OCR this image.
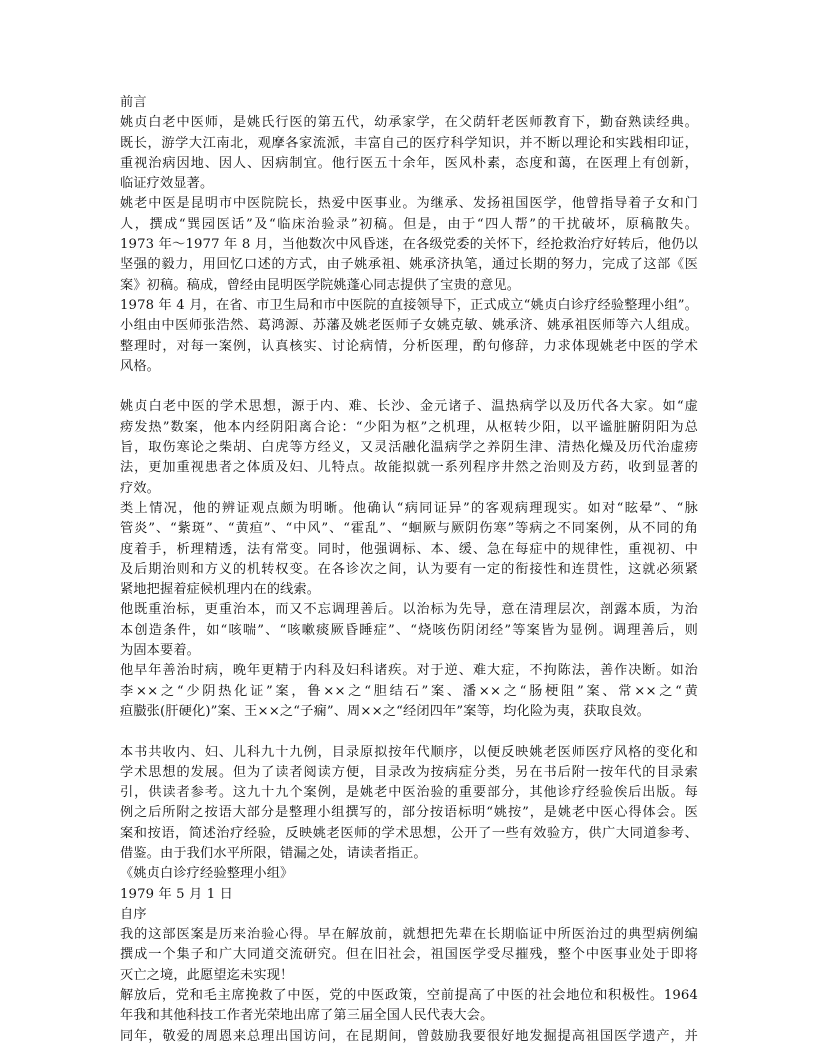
前言
姚贞白老中医师，是姚氏行医的第五代，幼承家学，在父荫轩老医师教育下，勤奋熟读经典。
既长，游学大江南北，观摩各家流派，丰富自己的医疗科学知识，并不断以理论和实践相印证，
重视治病因地、因人、因病制宜。他行医五十余年，医风朴素，态度和蔼，在医理上有创新，
临证疗效显著。
姚老中医是昆明市中医院院长，热爱中医事业。为继承、发扬祖国医学，他曾指导着子女和门
人，撰成“巽园医话”及“临床治验录”初稿。但是，由于“四人帮”的干扰破坏，原稿散失。
1973 年～1977 年 8 月，当他数次中风昏迷，在各级党委的关怀下，经抢救治疗好转后，他仍以
坚强的毅力，用回忆口述的方式，由子姚承祖、姚承济执笔，通过长期的努力，完成了这部《医
案》初稿。稿成，曾经由昆明医学院姚蓬心同志提供了宝贵的意见。
1978 年 4 月，在省、市卫生局和市中医院的直接领导下，正式成立“姚贞白诊疗经验整理小组”。
小组由中医师张浩然、葛鸿源、苏藩及姚老医师子女姚克敏、姚承济、姚承祖医师等六人组成。
整理时，对每一案例，认真核实、讨论病情，分析医理，酌句修辞，力求体现姚老中医的学术
风格。
姚贞白老中医的学术思想，源于内、难、长沙、金元诸子、温热病学以及历代各大家。如“虚
痨发热”数案，他本内经阴阳离合论：“少阳为枢”之机理，从枢转少阳，以平谧脏腑阴阳为总
旨，取伤寒论之柴胡、白虎等方经义，又灵活融化温病学之养阴生津、清热化燥及历代治虚痨
法，更加重视患者之体质及妇、儿特点。故能拟就一系列程序井然之治则及方药，收到显著的
疗效。
类上情况，他的辨证观点颇为明晰。他确认“病同证异”的客观病理现实。如对“眩晕”、“脉
管炎”、“紫斑”、“黄疸”、“中风”、“霍乱”、“蛔厥与厥阴伤寒”等病之不同案例，从不同的角
度着手，析理精透，法有常变。同时，他强调标、本、缓、急在每症中的规律性，重视初、中
及后期治则和方义的机转权变。在各诊次之间，认为要有一定的衔接性和连贯性，这就必须紧
紧地把握着症候机理内在的线索。
他既重治标，更重治本，而又不忘调理善后。以治标为先导，意在清理层次，剖露本质，为治
本创造条件，如“咳喘”、“咳嗽痰厥昏睡症”、“烧咳伤阴闭经”等案皆为显例。调理善后，则
为固本要着。
他早年善治时病，晚年更精于内科及妇科诸疾。对于逆、难大症，不拘陈法，善作决断。如治
李××之“少阴热化证”案，鲁××之“胆结石”案、潘××之“肠梗阻”案、常××之“黄
疸臌张(肝硬化)”案、王××之“子痫”、周××之“经闭四年”案等，均化险为夷，获取良效。
本书共收内、妇、儿科九十九例，目录原拟按年代顺序，以便反映姚老医师医疗风格的变化和
学术思想的发展。但为了读者阅读方便，目录改为按病症分类，另在书后附一按年代的目录索
引，供读者参考。这九十九个案例，是姚老中医治验的重要部分，其他诊疗经验俟后出版。每
例之后所附之按语大部分是整理小组撰写的，部分按语标明“姚按”，是姚老中医心得体会。医
案和按语，简述治疗经验，反映姚老医师的学术思想，公开了一些有效验方，供广大同道参考、
借鉴。由于我们水平所限，错漏之处，请读者指正。
《姚贞白诊疗经验整理小组》
1979 年 5 月 1 日
自序
我的这部医案是历来治验心得。早在解放前，就想把先辈在长期临证中所医治过的典型病例编
撰成一个集子和广大同道交流研究。但在旧社会，祖国医学受尽摧残，整个中医事业处于即将
灭亡之境，此愿望迄未实现！
解放后，党和毛主席挽救了中医，党的中医政策，空前提高了中医的社会地位和积极性。1964
年我和其他科技工作者光荣地出席了第三届全国人民代表大会。
同年，敬爱的周恩来总理出国访问，在昆期间，曾鼓励我要很好地发掘提高祖国医学遗产，并
